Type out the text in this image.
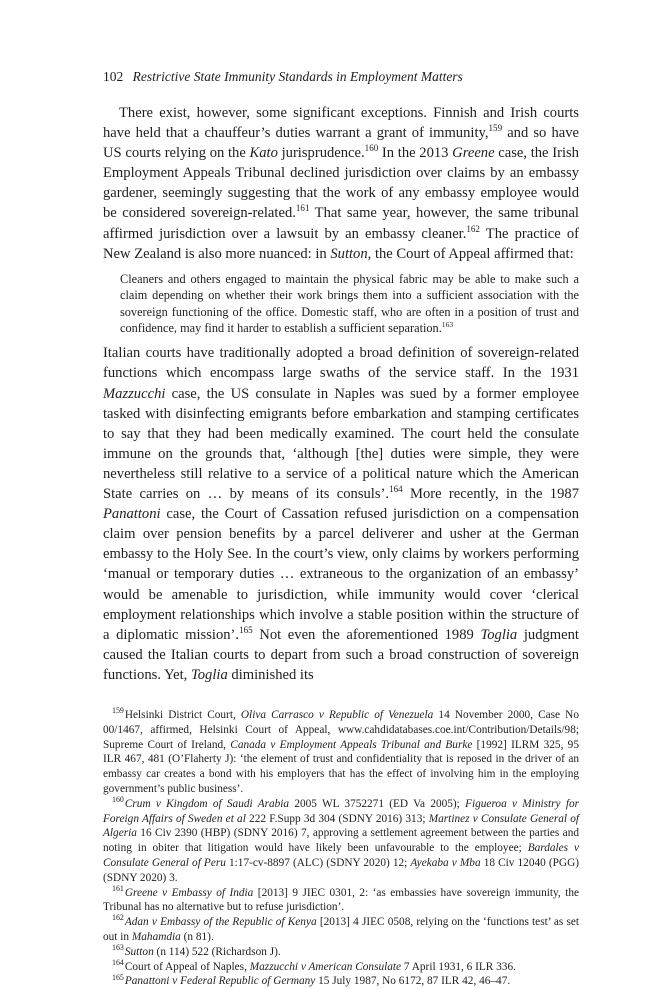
102 Restrictive State Immunity Standards in Employment Matters

There exist, however, some significant exceptions. Finnish and Irish courts have held that a chauffeur’s duties warrant a grant of immunity,$^{159}$ and so have US courts relying on the Kato jurisprudence.$^{160}$ In the 2013 Greene case, the Irish Employment Appeals Tribunal declined jurisdiction over claims by an embassy gardener, seemingly suggesting that the work of any embassy employee would be considered sovereign-related.$^{161}$ That same year, however, the same tribunal affirmed jurisdiction over a lawsuit by an embassy cleaner.$^{162}$ The practice of New Zealand is also more nuanced: in Sutton, the Court of Appeal affirmed that:

Cleaners and others engaged to maintain the physical fabric may be able to make such a claim depending on whether their work brings them into a sufficient association with the sovereign functioning of the office. Domestic staff, who are often in a position of trust and confidence, may find it harder to establish a sufficient separation.$^{163}$

Italian courts have traditionally adopted a broad definition of sovereign-related functions which encompass large swaths of the service staff. In the 1931 Mazzucchi case, the US consulate in Naples was sued by a former employee tasked with disinfecting emigrants before embarkation and stamping certificates to say that they had been medically examined. The court held the consulate immune on the grounds that, ‘although [the] duties were simple, they were nevertheless still relative to a service of a political nature which the American State carries on … by means of its consuls’.$^{164}$ More recently, in the 1987 Panattoni case, the Court of Cassation refused jurisdiction on a compensation claim over pension benefits by a parcel deliverer and usher at the German embassy to the Holy See. In the court’s view, only claims by workers performing ‘manual or temporary duties … extraneous to the organization of an embassy’ would be amenable to jurisdiction, while immunity would cover ‘clerical employment relationships which involve a stable position within the structure of a diplomatic mission’.$^{165}$ Not even the aforementioned 1989 Toglia judgment caused the Italian courts to depart from such a broad construction of sovereign functions. Yet, Toglia diminished its

$^{159}$Helsinki District Court, Oliva Carrasco v Republic of Venezuela 14 November 2000, Case No 00/1467, affirmed, Helsinki Court of Appeal, www.cahdidatabases.coe.int/Contribution/Details/98; Supreme Court of Ireland, Canada v Employment Appeals Tribunal and Burke [1992] ILRM 325, 95 ILR 467, 481 (O’Flaherty J): ‘the element of trust and confidentiality that is reposed in the driver of an embassy car creates a bond with his employers that has the effect of involving him in the employing government’s public business’.

$^{160}$Crum v Kingdom of Saudi Arabia 2005 WL 3752271 (ED Va 2005); Figueroa v Ministry for Foreign Affairs of Sweden et al 222 F.Supp 3d 304 (SDNY 2016) 313; Martinez v Consulate General of Algeria 16 Civ 2390 (HBP) (SDNY 2016) 7, approving a settlement agreement between the parties and noting in obiter that litigation would have likely been unfavourable to the employee; Bardales v Consulate General of Peru 1:17-cv-8897 (ALC) (SDNY 2020) 12; Ayekaba v Mba 18 Civ 12040 (PGG) (SDNY 2020) 3.

$^{161}$Greene v Embassy of India [2013] 9 JIEC 0301, 2: ‘as embassies have sovereign immunity, the Tribunal has no alternative but to refuse jurisdiction’.

$^{162}$Adan v Embassy of the Republic of Kenya [2013] 4 JIEC 0508, relying on the ‘functions test’ as set out in Mahamdia (n 81).

$^{163}$Sutton (n 114) 522 (Richardson J).

$^{164}$Court of Appeal of Naples, Mazzucchi v American Consulate 7 April 1931, 6 ILR 336.

$^{165}$Panattoni v Federal Republic of Germany 15 July 1987, No 6172, 87 ILR 42, 46–47.
